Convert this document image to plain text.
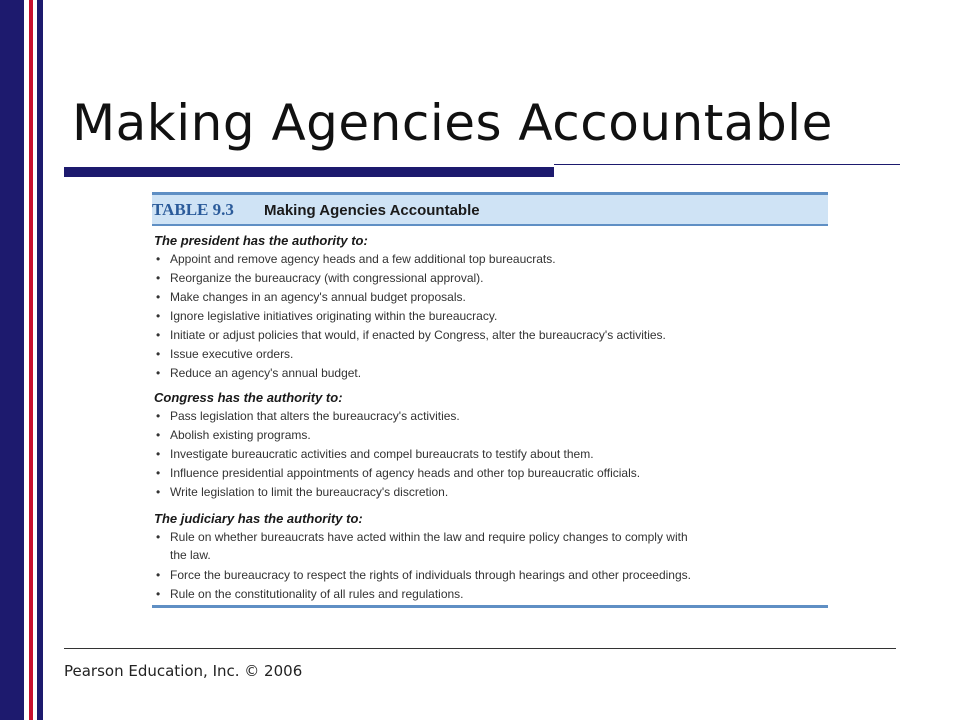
Making Agencies Accountable
TABLE 9.3 Making Agencies Accountable
The president has the authority to:
• Appoint and remove agency heads and a few additional top bureaucrats.
• Reorganize the bureaucracy (with congressional approval).
• Make changes in an agency's annual budget proposals.
• Ignore legislative initiatives originating within the bureaucracy.
• Initiate or adjust policies that would, if enacted by Congress, alter the bureaucracy's activities.
• Issue executive orders.
• Reduce an agency's annual budget.
Congress has the authority to:
• Pass legislation that alters the bureaucracy's activities.
• Abolish existing programs.
• Investigate bureaucratic activities and compel bureaucrats to testify about them.
• Influence presidential appointments of agency heads and other top bureaucratic officials.
• Write legislation to limit the bureaucracy's discretion.
The judiciary has the authority to:
• Rule on whether bureaucrats have acted within the law and require policy changes to comply with
the law.
• Force the bureaucracy to respect the rights of individuals through hearings and other proceedings.
• Rule on the constitutionality of all rules and regulations.
Pearson Education, Inc. © 2006
